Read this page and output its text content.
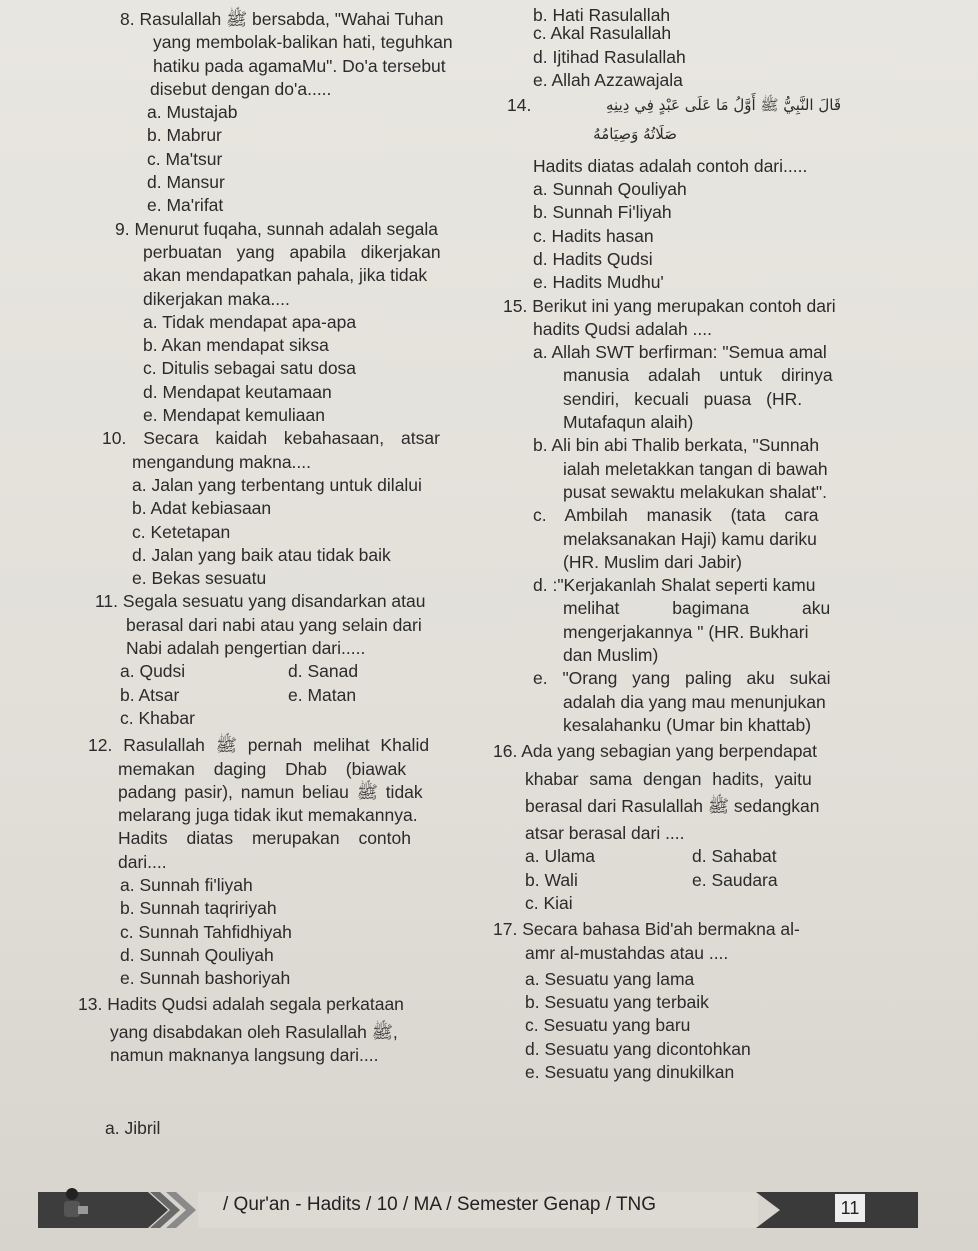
8. Rasulallah ﷺ bersabda, "Wahai Tuhan
yang membolak-balikan hati, teguhkan
hatiku pada agamaMu". Do'a tersebut
disebut dengan do'a.....
a. Mustajab
b. Mabrur
c. Ma'tsur
d. Mansur
e. Ma'rifat
9. Menurut fuqaha, sunnah adalah segala
perbuatan yang apabila dikerjakan
akan mendapatkan pahala, jika tidak
dikerjakan maka....
a. Tidak mendapat apa-apa
b. Akan mendapat siksa
c. Ditulis sebagai satu dosa
d. Mendapat keutamaan
e. Mendapat kemuliaan
10. Secara kaidah kebahasaan, atsar
mengandung makna....
a. Jalan yang terbentang untuk dilalui
b. Adat kebiasaan
c. Ketetapan
d. Jalan yang baik atau tidak baik
e. Bekas sesuatu
11. Segala sesuatu yang disandarkan atau
berasal dari nabi atau yang selain dari
Nabi adalah pengertian dari.....
a. Qudsi	d. Sanad
b. Atsar	e. Matan
c. Khabar
12. Rasulallah ﷺ pernah melihat Khalid
memakan daging Dhab (biawak
padang pasir), namun beliau ﷺ tidak
melarang juga tidak ikut memakannya.
Hadits diatas merupakan contoh
dari....
a. Sunnah fi'liyah
b. Sunnah taqririyah
c. Sunnah Tahfidhiyah
d. Sunnah Qouliyah
e. Sunnah bashoriyah
13. Hadits Qudsi adalah segala perkataan
yang disabdakan oleh Rasulallah ﷺ,
namun maknanya langsung dari....
a. Jibril
b. Hati Rasulallah
c. Akal Rasulallah
d. Ijtihad Rasulallah
e. Allah Azzawajala
14.	قَالَ النَّبِيُّ ﷺ أَوَّلُ مَا عَلَى عَبْدٍ فِي دِينِهِ
صَلَاتُهُ وَصِيَامُهُ
Hadits diatas adalah contoh dari.....
a. Sunnah Qouliyah
b. Sunnah Fi'liyah
c. Hadits hasan
d. Hadits Qudsi
e. Hadits Mudhu'
15. Berikut ini yang merupakan contoh dari
hadits Qudsi adalah ....
a. Allah SWT berfirman: "Semua amal
manusia adalah untuk dirinya
sendiri, kecuali puasa (HR.
Mutafaqun alaih)
b. Ali bin abi Thalib berkata, "Sunnah
ialah meletakkan tangan di bawah
pusat sewaktu melakukan shalat".
c. Ambilah manasik (tata cara
melaksanakan Haji) kamu dariku
(HR. Muslim dari Jabir)
d. :"Kerjakanlah Shalat seperti kamu
melihat bagimana aku
mengerjakannya " (HR. Bukhari
dan Muslim)
e. "Orang yang paling aku sukai
adalah dia yang mau menunjukan
kesalahanku (Umar bin khattab)
16. Ada yang sebagian yang berpendapat
khabar sama dengan hadits, yaitu
berasal dari Rasulallah ﷺ sedangkan
atsar berasal dari ....
a. Ulama	d. Sahabat
b. Wali	e. Saudara
c. Kiai
17. Secara bahasa Bid'ah bermakna al-
amr al-mustahdas atau ....
a. Sesuatu yang lama
b. Sesuatu yang terbaik
c. Sesuatu yang baru
d. Sesuatu yang dicontohkan
e. Sesuatu yang dinukilkan
/ Qur'an - Hadits / 10 / MA / Semester Genap / TNG	11
